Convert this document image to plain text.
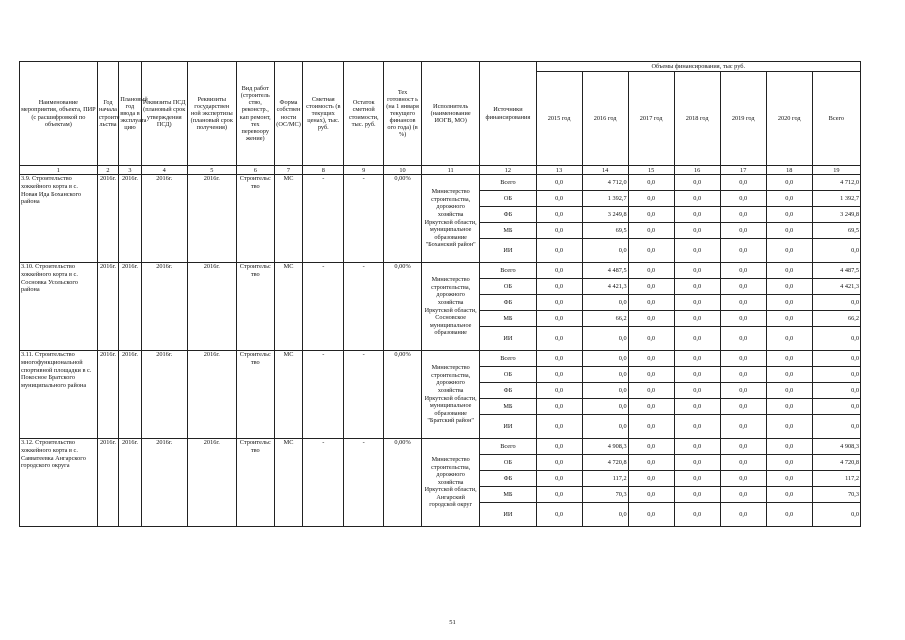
Наименование мероприятия, объекта, ПИР (с расшифровкой по объектам)	Год начала строите льства	Плановый год ввода в эксплуата цию	Реквизиты ПСД (плановый срок утверждения ПСД)	Реквизиты государствен ной экспертизы (плановый срок получения)	Вид работ (строитель ство, реконстр., кап ремонт, тех перевоору жение)	Форма собствен ности (ОС/МС)	Сметная стоимость (в текущих ценах), тыс. руб.	Остаток сметной стоимости, тыс. руб.	Тех готовност ь (на 1 января текущего финансов ого года) (в %)	Исполнитель (наименование ИОГВ, МО)	Источники финансирования	Объемы финансирования, тыс руб.						
												2015 год	2016 год	2017 год	2018 год	2019 год	2020 год	Всего
1	2	3	4	5	6	7	8	9	10	11	12	13	14	15	16	17	18	19
3.9. Строительство хоккейного корта в с. Новая Ида Боханского района	2016г.	2016г.	2016г.	2016г.	Строительс тво	МС	-	-	0,00%	Министерство строительства, дорожного хозяйства Иркутской области, муниципальное образование "Боханский район"	Всего	0,0	4 712,0	0,0	0,0	0,0	0,0	4 712,0
											ОБ	0,0	1 392,7	0,0	0,0	0,0	0,0	1 392,7
											ФБ	0,0	3 249,8	0,0	0,0	0,0	0,0	3 249,8
											МБ	0,0	69,5	0,0	0,0	0,0	0,0	69,5
											ИИ	0,0	0,0	0,0	0,0	0,0	0,0	0,0
3.10. Строительство хоккейного корта в с. Сосновка Усольского района	2016г.	2016г.	2016г.	2016г.	Строительс тво	МС	-	-	0,00%	Министерство строительства, дорожного хозяйства Иркутской области, Сосновское муниципальное образование	Всего	0,0	4 487,5	0,0	0,0	0,0	0,0	4 487,5
											ОБ	0,0	4 421,3	0,0	0,0	0,0	0,0	4 421,3
											ФБ	0,0	0,0	0,0	0,0	0,0	0,0	0,0
											МБ	0,0	66,2	0,0	0,0	0,0	0,0	66,2
											ИИ	0,0	0,0	0,0	0,0	0,0	0,0	0,0
3.11. Строительство многофункциональной спортивной площадки в с. Покосное Братского муниципального района	2016г.	2016г.	2016г.	2016г.	Строительс тво	МС	-	-	0,00%	Министерство строительства, дорожного хозяйства Иркутской области, муниципальное образование "Братский район"	Всего	0,0	0,0	0,0	0,0	0,0	0,0	0,0
											ОБ	0,0	0,0	0,0	0,0	0,0	0,0	0,0
											ФБ	0,0	0,0	0,0	0,0	0,0	0,0	0,0
											МБ	0,0	0,0	0,0	0,0	0,0	0,0	0,0
											ИИ	0,0	0,0	0,0	0,0	0,0	0,0	0,0
3.12. Строительство хоккейного корта в с. Савватеевка Ангарского городского округа	2016г.	2016г.	2016г.	2016г.	Строительс тво	МС	-	-	0,00%	Министерство строительства, дорожного хозяйства Иркутской области, Ангарский городской округ	Всего	0,0	4 908,3	0,0	0,0	0,0	0,0	4 908,3
											ОБ	0,0	4 720,8	0,0	0,0	0,0	0,0	4 720,8
											ФБ	0,0	117,2	0,0	0,0	0,0	0,0	117,2
											МБ	0,0	70,3	0,0	0,0	0,0	0,0	70,3
											ИИ	0,0	0,0	0,0	0,0	0,0	0,0	0,0
51
